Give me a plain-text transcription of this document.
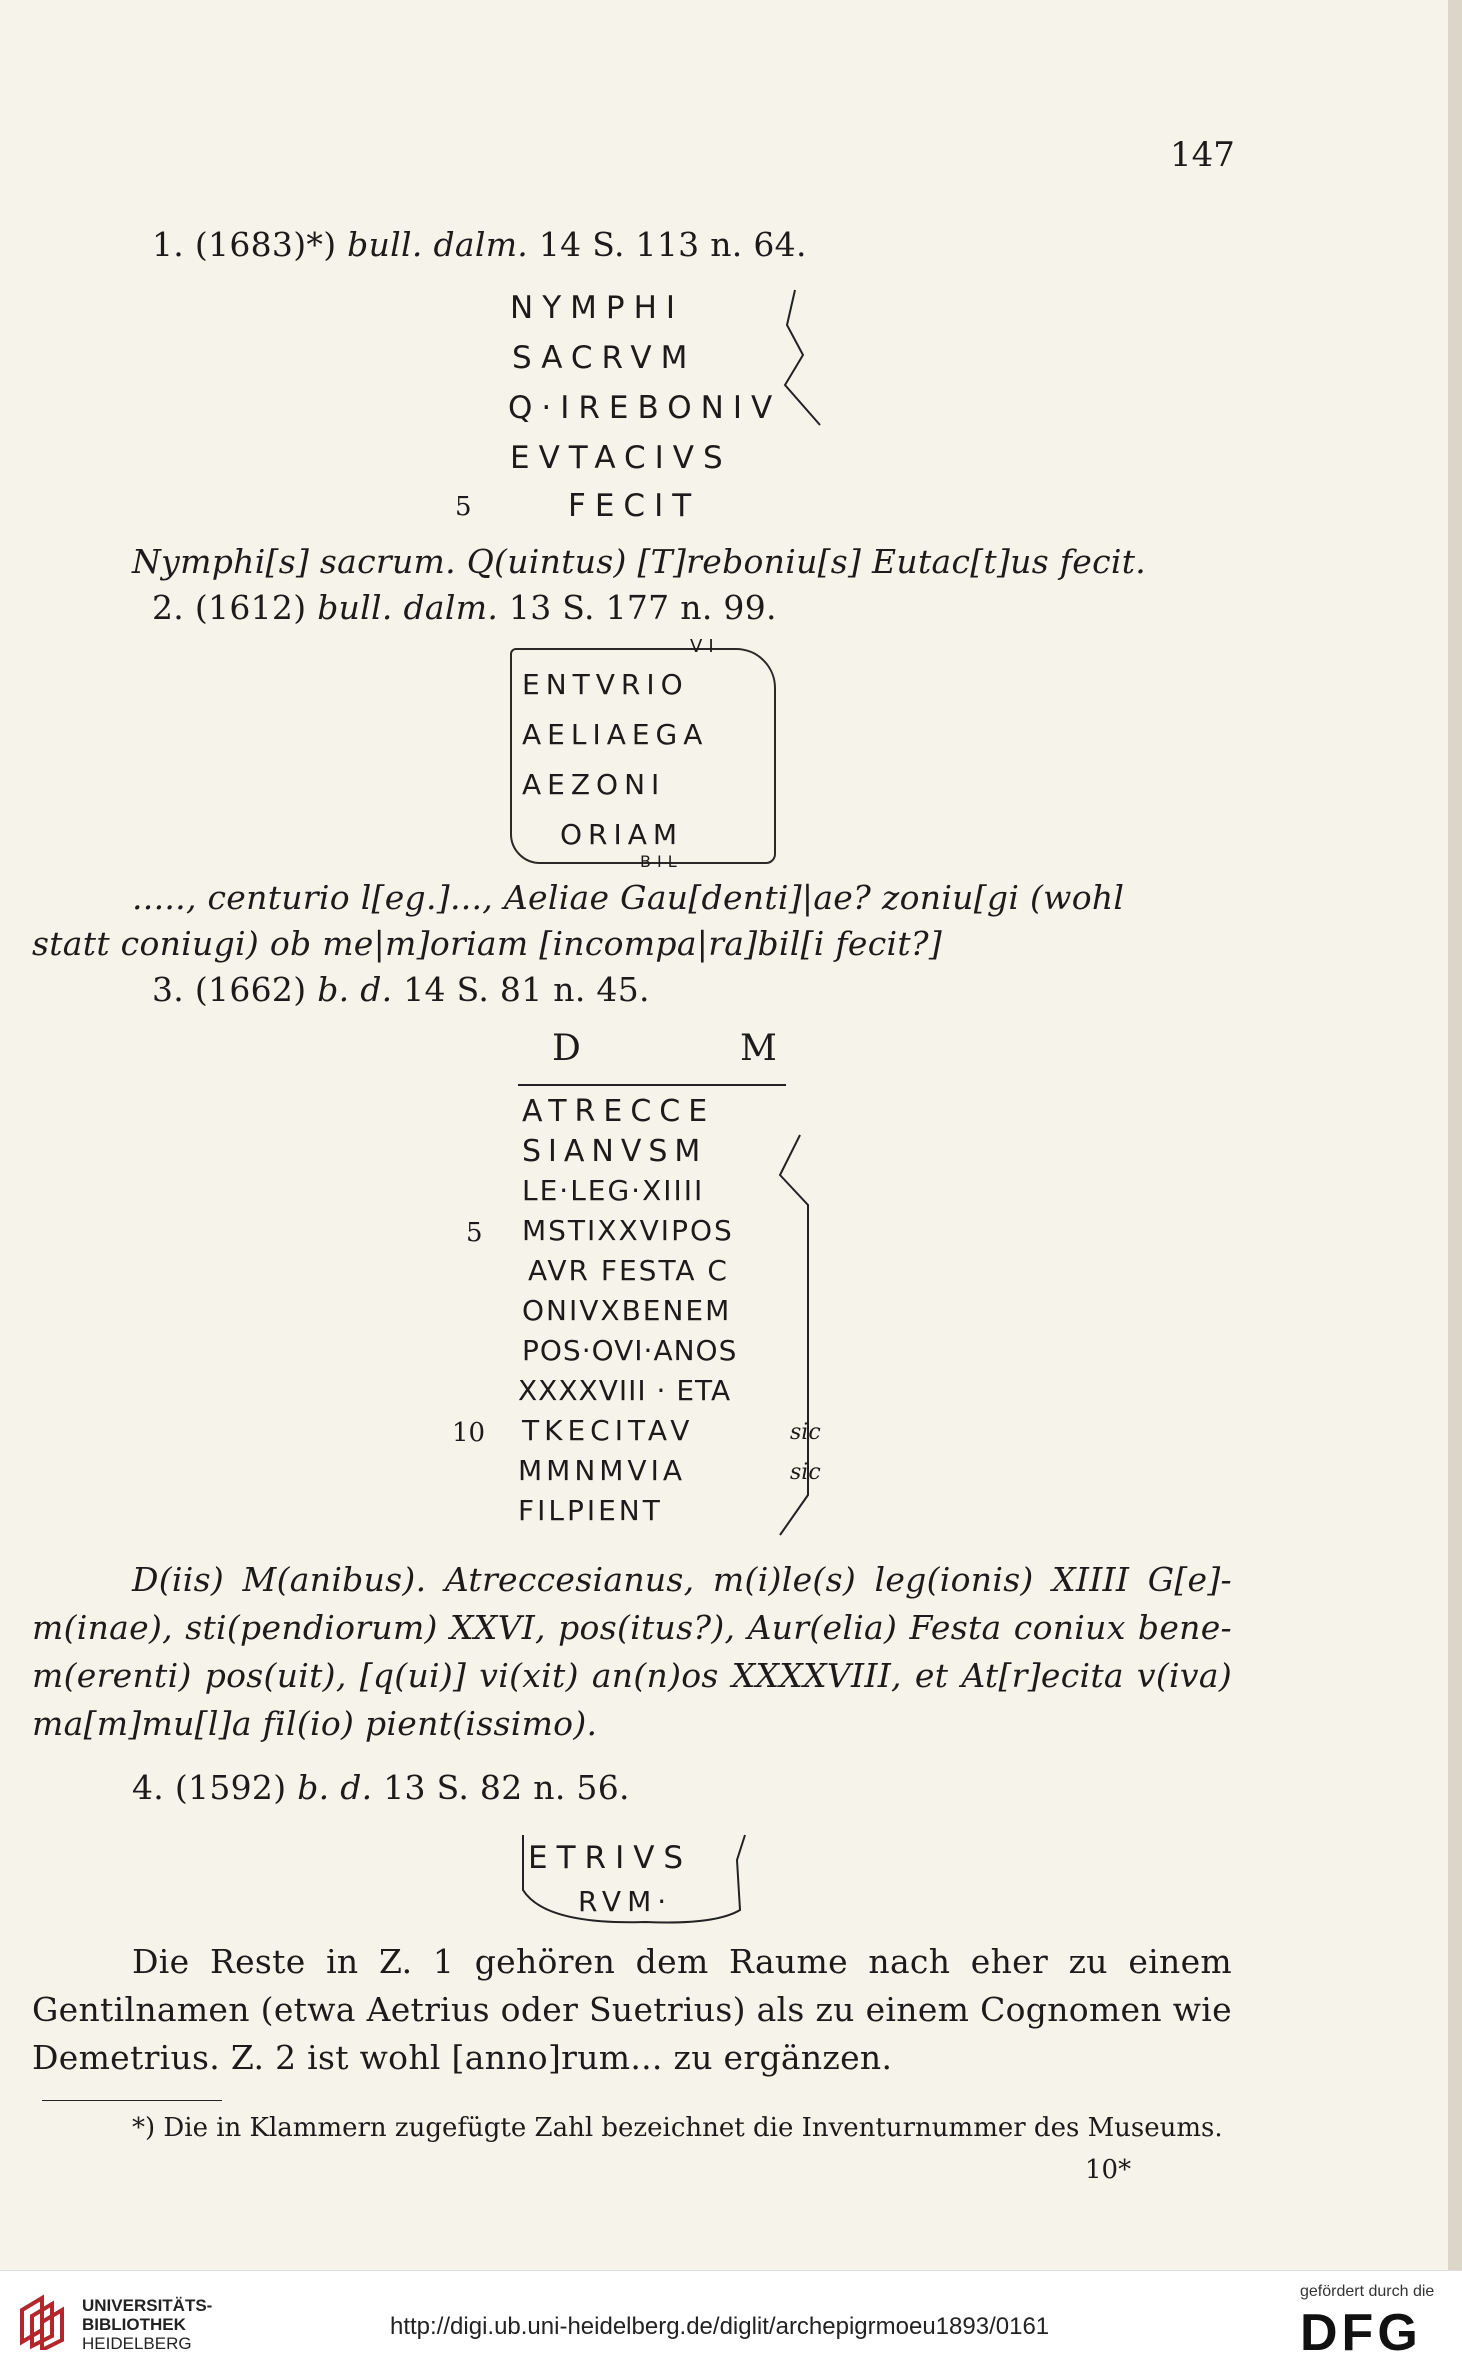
147
1. (1683)*) bull. dalm. 14 S. 113 n. 64.
NYMPHI
SACRVM
Q·IREBONIV
EVTACIVS
5	FECIT
Nymphi[s] sacrum. Q(uintus) [T]reboniu[s] Eutac[t]us fecit.
2. (1612) bull. dalm. 13 S. 177 n. 99.
VI
ENTVRIO
AELIAEGA
AEZONI
ORIAM
BIL
....., centurio l[eg.]..., Aeliae Gau[denti]|ae? zoniu[gi (wohl
statt coniugi) ob me|m]oriam [incompa|ra]bil[i fecit?]
3. (1662) b. d. 14 S. 81 n. 45.
D	M
ATRECCE
SIANVSM
LE·LEG·XIIII
5 MSTIXXVIPOS
AVR FESTA C
ONIVXBENEM
POS·OVI·ANOS
XXXXVIII · ETA
10 TKECITAV	sic
MMNMVIA	sic
FILPIENT
D(iis) M(anibus). Atreccesianus, m(i)le(s) leg(ionis) XIIII G[e]-
m(inae), sti(pendiorum) XXVI, pos(itus?), Aur(elia) Festa coniux bene-
m(erenti) pos(uit), [q(ui)] vi(xit) an(n)os XXXXVIII, et At[r]ecita v(iva)
ma[m]mu[l]a fil(io) pient(issimo).
4. (1592) b. d. 13 S. 82 n. 56.
ETRIVS
RVM·
Die Reste in Z. 1 gehören dem Raume nach eher zu einem
Gentilnamen (etwa Aetrius oder Suetrius) als zu einem Cognomen wie
Demetrius. Z. 2 ist wohl [anno]rum... zu ergänzen.
*) Die in Klammern zugefügte Zahl bezeichnet die Inventurnummer des Museums.
10*
UNIVERSITÄTS-
BIBLIOTHEK
HEIDELBERG
http://digi.ub.uni-heidelberg.de/diglit/archepigrmoeu1893/0161
gefördert durch die
DFG
